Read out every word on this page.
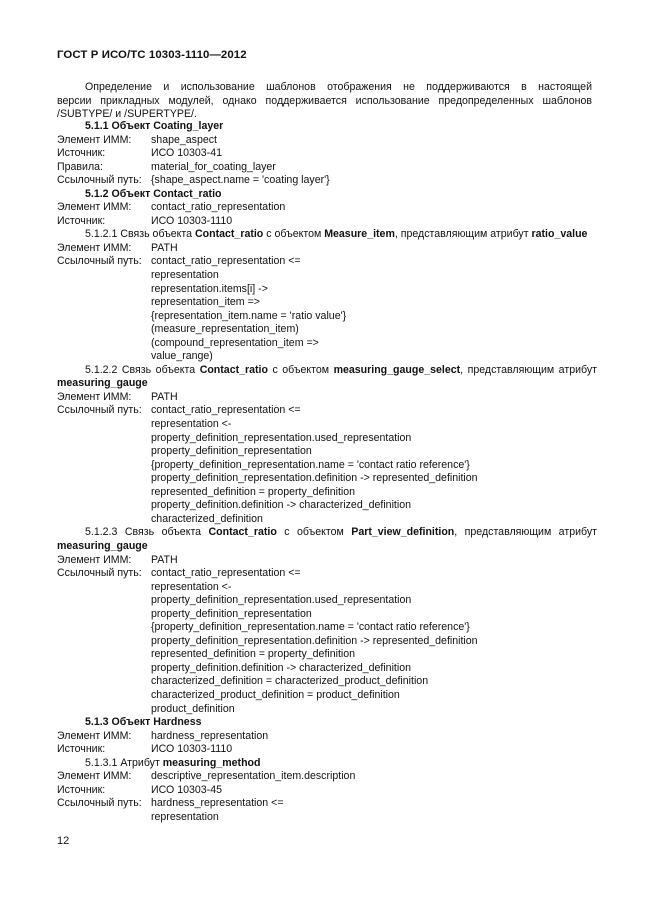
ГОСТ Р ИСО/ТС 10303-1110—2012

Определение и использование шаблонов отображения не поддерживаются в настоящей

версии прикладных модулей, однако поддерживается использование предопределенных шаблонов

/SUBTYPE/ и /SUPERTYPE/.

5.1.1 Объект Coating_layer
Элемент ИММ: shape_aspect
Источник:	ИСО 10303-41
Правила:	material_for_coating_layer
Ссылочный путь: {shape_aspect.name = 'coating layer'}
5.1.2 Объект Contact_ratio
Элемент ИММ: contact_ratio_representation
Источник:	ИСО 10303-1110
5.1.2.1 Связь объекта Contact_ratio с объектом Measure_item, представляющим атрибут ratio_value
Элемент ИММ: PATH
Ссылочный путь: contact_ratio_representation <=
representation
representation.items[i] ->
representation_item =>
{representation_item.name = 'ratio value'}
(measure_representation_item)
(compound_representation_item =>
value_range)
5.1.2.2 Связь объекта Contact_ratio с объектом measuring_gauge_select, представляющим атрибут
measuring_gauge
Элемент ИММ: PATH
Ссылочный путь: contact_ratio_representation <=
representation <-
property_definition_representation.used_representation
property_definition_representation
{property_definition_representation.name = 'contact ratio reference'}
property_definition_representation.definition -> represented_definition
represented_definition = property_definition
property_definition.definition -> characterized_definition
characterized_definition
5.1.2.3 Связь объекта Contact_ratio с объектом Part_view_definition, представляющим атрибут
measuring_gauge
Элемент ИММ: PATH
Ссылочный путь: contact_ratio_representation <=
representation <-
property_definition_representation.used_representation
property_definition_representation
{property_definition_representation.name = 'contact ratio reference'}
property_definition_representation.definition -> represented_definition
represented_definition = property_definition
property_definition.definition -> characterized_definition
characterized_definition = characterized_product_definition
characterized_product_definition = product_definition
product_definition
5.1.3 Объект Hardness
Элемент ИММ: hardness_representation
Источник:	ИСО 10303-1110
5.1.3.1 Атрибут measuring_method
Элемент ИММ: descriptive_representation_item.description
Источник:	ИСО 10303-45
Ссылочный путь: hardness_representation <=
representation
12
